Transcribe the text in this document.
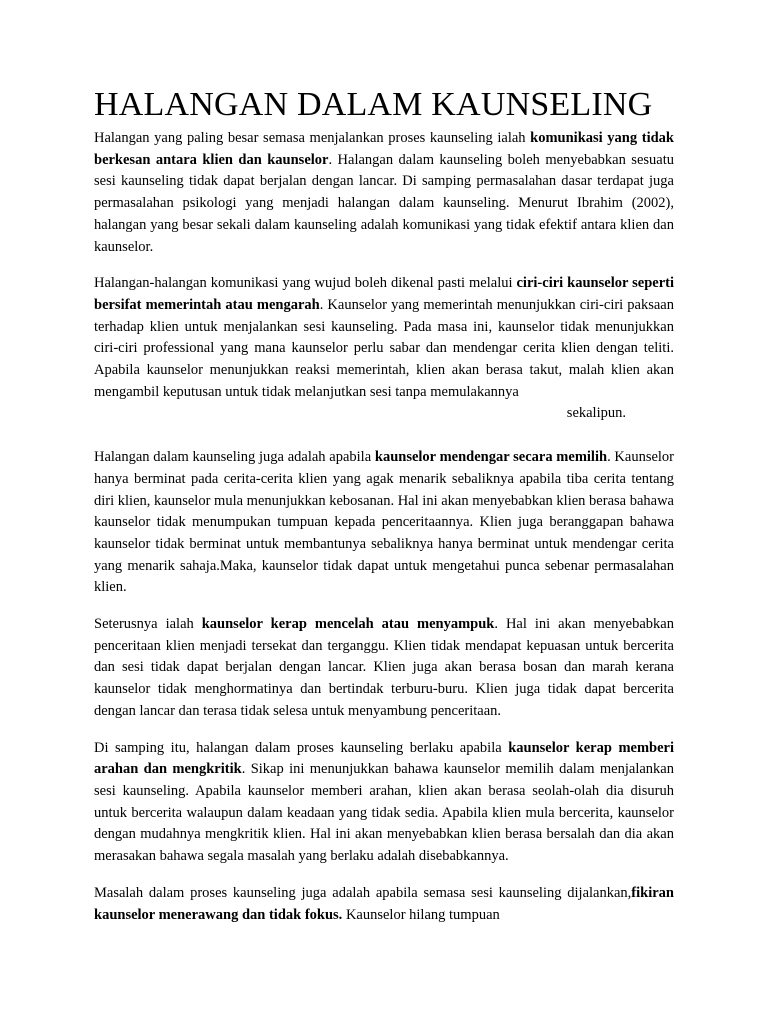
HALANGAN DALAM KAUNSELING

Halangan yang paling besar semasa menjalankan proses kaunseling ialah komunikasi yang tidak berkesan antara klien dan kaunselor. Halangan dalam kaunseling boleh menyebabkan sesuatu sesi kaunseling tidak dapat berjalan dengan lancar. Di samping permasalahan dasar terdapat juga permasalahan psikologi yang menjadi halangan dalam kaunseling. Menurut Ibrahim (2002), halangan yang besar sekali dalam kaunseling adalah komunikasi yang tidak efektif antara klien dan kaunselor.

Halangan-halangan komunikasi yang wujud boleh dikenal pasti melalui ciri-ciri kaunselor seperti bersifat memerintah atau mengarah. Kaunselor yang memerintah menunjukkan ciri-ciri paksaan terhadap klien untuk menjalankan sesi kaunseling. Pada masa ini, kaunselor tidak menunjukkan ciri-ciri professional yang mana kaunselor perlu sabar dan mendengar cerita klien dengan teliti. Apabila kaunselor menunjukkan reaksi memerintah, klien akan berasa takut, malah klien akan mengambil keputusan untuk tidak melanjutkan sesi tanpa memulakannya
sekalipun.

Halangan dalam kaunseling juga adalah apabila kaunselor mendengar secara memilih. Kaunselor hanya berminat pada cerita-cerita klien yang agak menarik sebaliknya apabila tiba cerita tentang diri klien, kaunselor mula menunjukkan kebosanan. Hal ini akan menyebabkan klien berasa bahawa kaunselor tidak menumpukan tumpuan kepada penceritaannya. Klien juga beranggapan bahawa kaunselor tidak berminat untuk membantunya sebaliknya hanya berminat untuk mendengar cerita yang menarik sahaja.Maka, kaunselor tidak dapat untuk mengetahui punca sebenar permasalahan klien.

Seterusnya ialah kaunselor kerap mencelah atau menyampuk. Hal ini akan menyebabkan penceritaan klien menjadi tersekat dan terganggu. Klien tidak mendapat kepuasan untuk bercerita dan sesi tidak dapat berjalan dengan lancar. Klien juga akan berasa bosan dan marah kerana kaunselor tidak menghormatinya dan bertindak terburu-buru. Klien juga tidak dapat bercerita dengan lancar dan terasa tidak selesa untuk menyambung penceritaan.

Di samping itu, halangan dalam proses kaunseling berlaku apabila kaunselor kerap memberi arahan dan mengkritik. Sikap ini menunjukkan bahawa kaunselor memilih dalam menjalankan sesi kaunseling. Apabila kaunselor memberi arahan, klien akan berasa seolah-olah dia disuruh untuk bercerita walaupun dalam keadaan yang tidak sedia. Apabila klien mula bercerita, kaunselor dengan mudahnya mengkritik klien. Hal ini akan menyebabkan klien berasa bersalah dan dia akan merasakan bahawa segala masalah yang berlaku adalah disebabkannya.

Masalah dalam proses kaunseling juga adalah apabila semasa sesi kaunseling dijalankan,fikiran kaunselor menerawang dan tidak fokus. Kaunselor hilang tumpuan
